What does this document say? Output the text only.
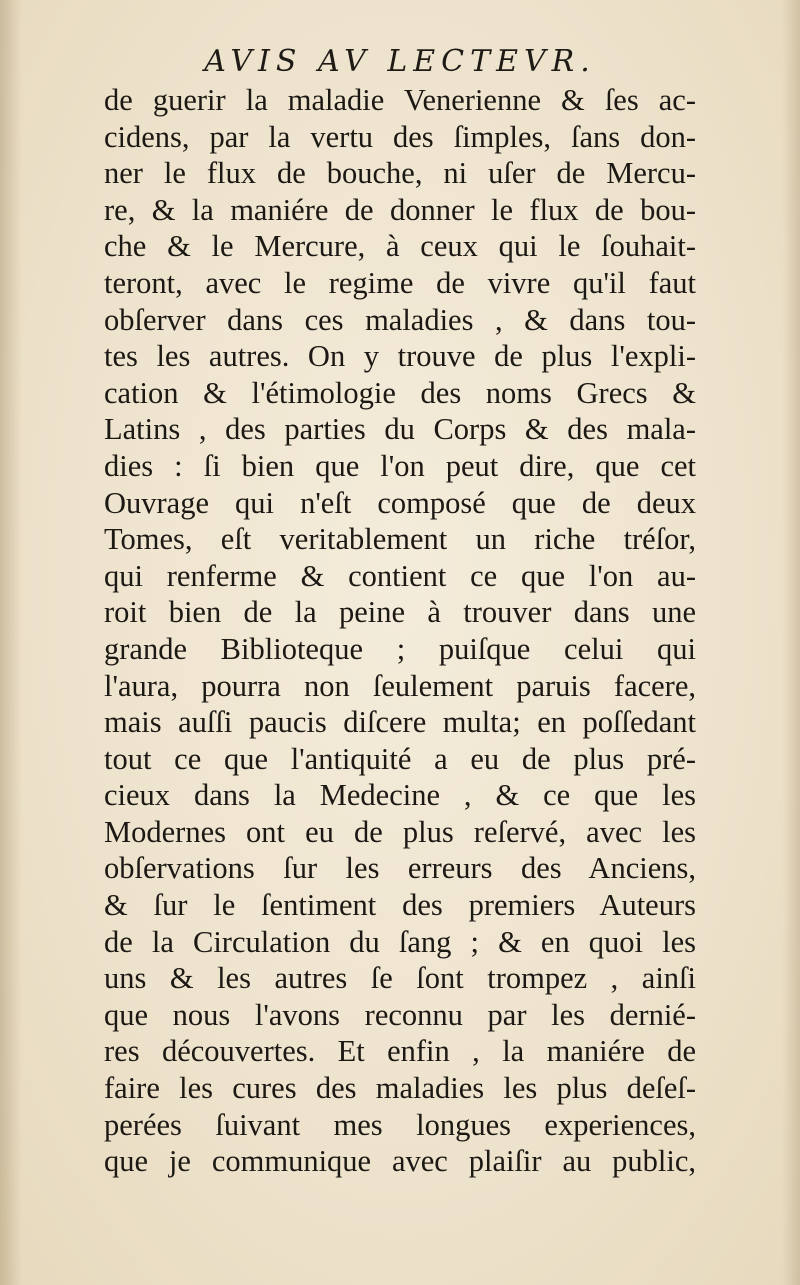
AVIS AV LECTEVR.
de guerir la maladie Venerienne & ſes ac-
cidens, par la vertu des ſimples, ſans don-
ner le flux de bouche, ni uſer de Mercu-
re, & la maniére de donner le flux de bou-
che & le Mercure, à ceux qui le ſouhait-
teront, avec le regime de vivre qu'il faut
obſerver dans ces maladies , & dans tou-
tes les autres. On y trouve de plus l'expli-
cation & l'étimologie des noms Grecs &
Latins , des parties du Corps & des mala-
dies : ſi bien que l'on peut dire, que cet
Ouvrage qui n'eſt composé que de deux
Tomes, eſt veritablement un riche tréſor,
qui renferme & contient ce que l'on au-
roit bien de la peine à trouver dans une
grande Biblioteque ; puiſque celui qui
l'aura, pourra non ſeulement paruis facere,
mais auſſi paucis diſcere multa; en poſſedant
tout ce que l'antiquité a eu de plus pré-
cieux dans la Medecine , & ce que les
Modernes ont eu de plus reſervé, avec les
obſervations ſur les erreurs des Anciens,
& ſur le ſentiment des premiers Auteurs
de la Circulation du ſang ; & en quoi les
uns & les autres ſe ſont trompez , ainſi
que nous l'avons reconnu par les dernié-
res découvertes. Et enfin , la maniére de
faire les cures des maladies les plus deſeſ-
perées ſuivant mes longues experiences,
que je communique avec plaiſir au public,
